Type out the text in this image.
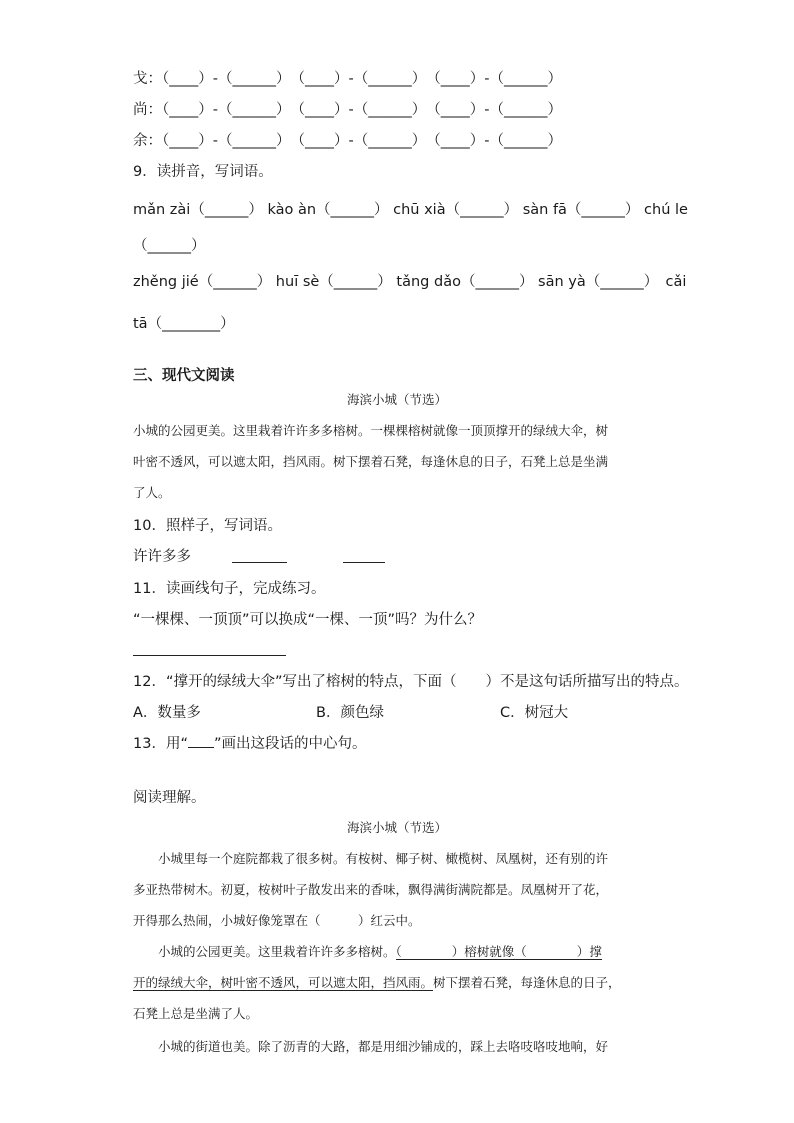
戈：（____）-（______）　（____）-（______）　（____）-（______）
尚：（____）-（______）　（____）-（______）　（____）-（______）
余：（____）-（______）　（____）-（______）　（____）-（______）
9．读拼音，写词语。
mǎn zài（______） kào àn（______） chū xià（______） sàn fā（______） chú le
（______）
zhěng jié（______） huī sè（______） tǎng dǎo（______） sān yà（______）　cǎi
tā（________）
三、现代文阅读
海滨小城（节选）
小城的公园更美。这里栽着许许多多榕树。一棵棵榕树就像一顶顶撑开的绿绒大伞，树
叶密不透风，可以遮太阳，挡风雨。树下摆着石凳，每逢休息的日子，石凳上总是坐满
了人。
10．照样子，写词语。
许许多多
11．读画线句子，完成练习。
“一棵棵、一顶顶”可以换成“一棵、一顶”吗？为什么？
12．“撑开的绿绒大伞”写出了榕树的特点，下面（　　）不是这句话所描写出的特点。
A．数量多	B．颜色绿	C．树冠大
13．用“ ”画出这段话的中心句。
阅读理解。
海滨小城（节选）
小城里每一个庭院都栽了很多树。有桉树、椰子树、橄榄树、凤凰树，还有别的许
多亚热带树木。初夏，桉树叶子散发出来的香味，飘得满街满院都是。凤凰树开了花，
开得那么热闹，小城好像笼罩在（　　　）红云中。
小城的公园更美。这里栽着许许多多榕树。（　　　　）榕树就像（　　　　）撑
开的绿绒大伞，树叶密不透风，可以遮太阳，挡风雨。树下摆着石凳，每逢休息的日子，
石凳上总是坐满了人。
小城的街道也美。除了沥青的大路，都是用细沙铺成的，踩上去咯吱咯吱地响，好
